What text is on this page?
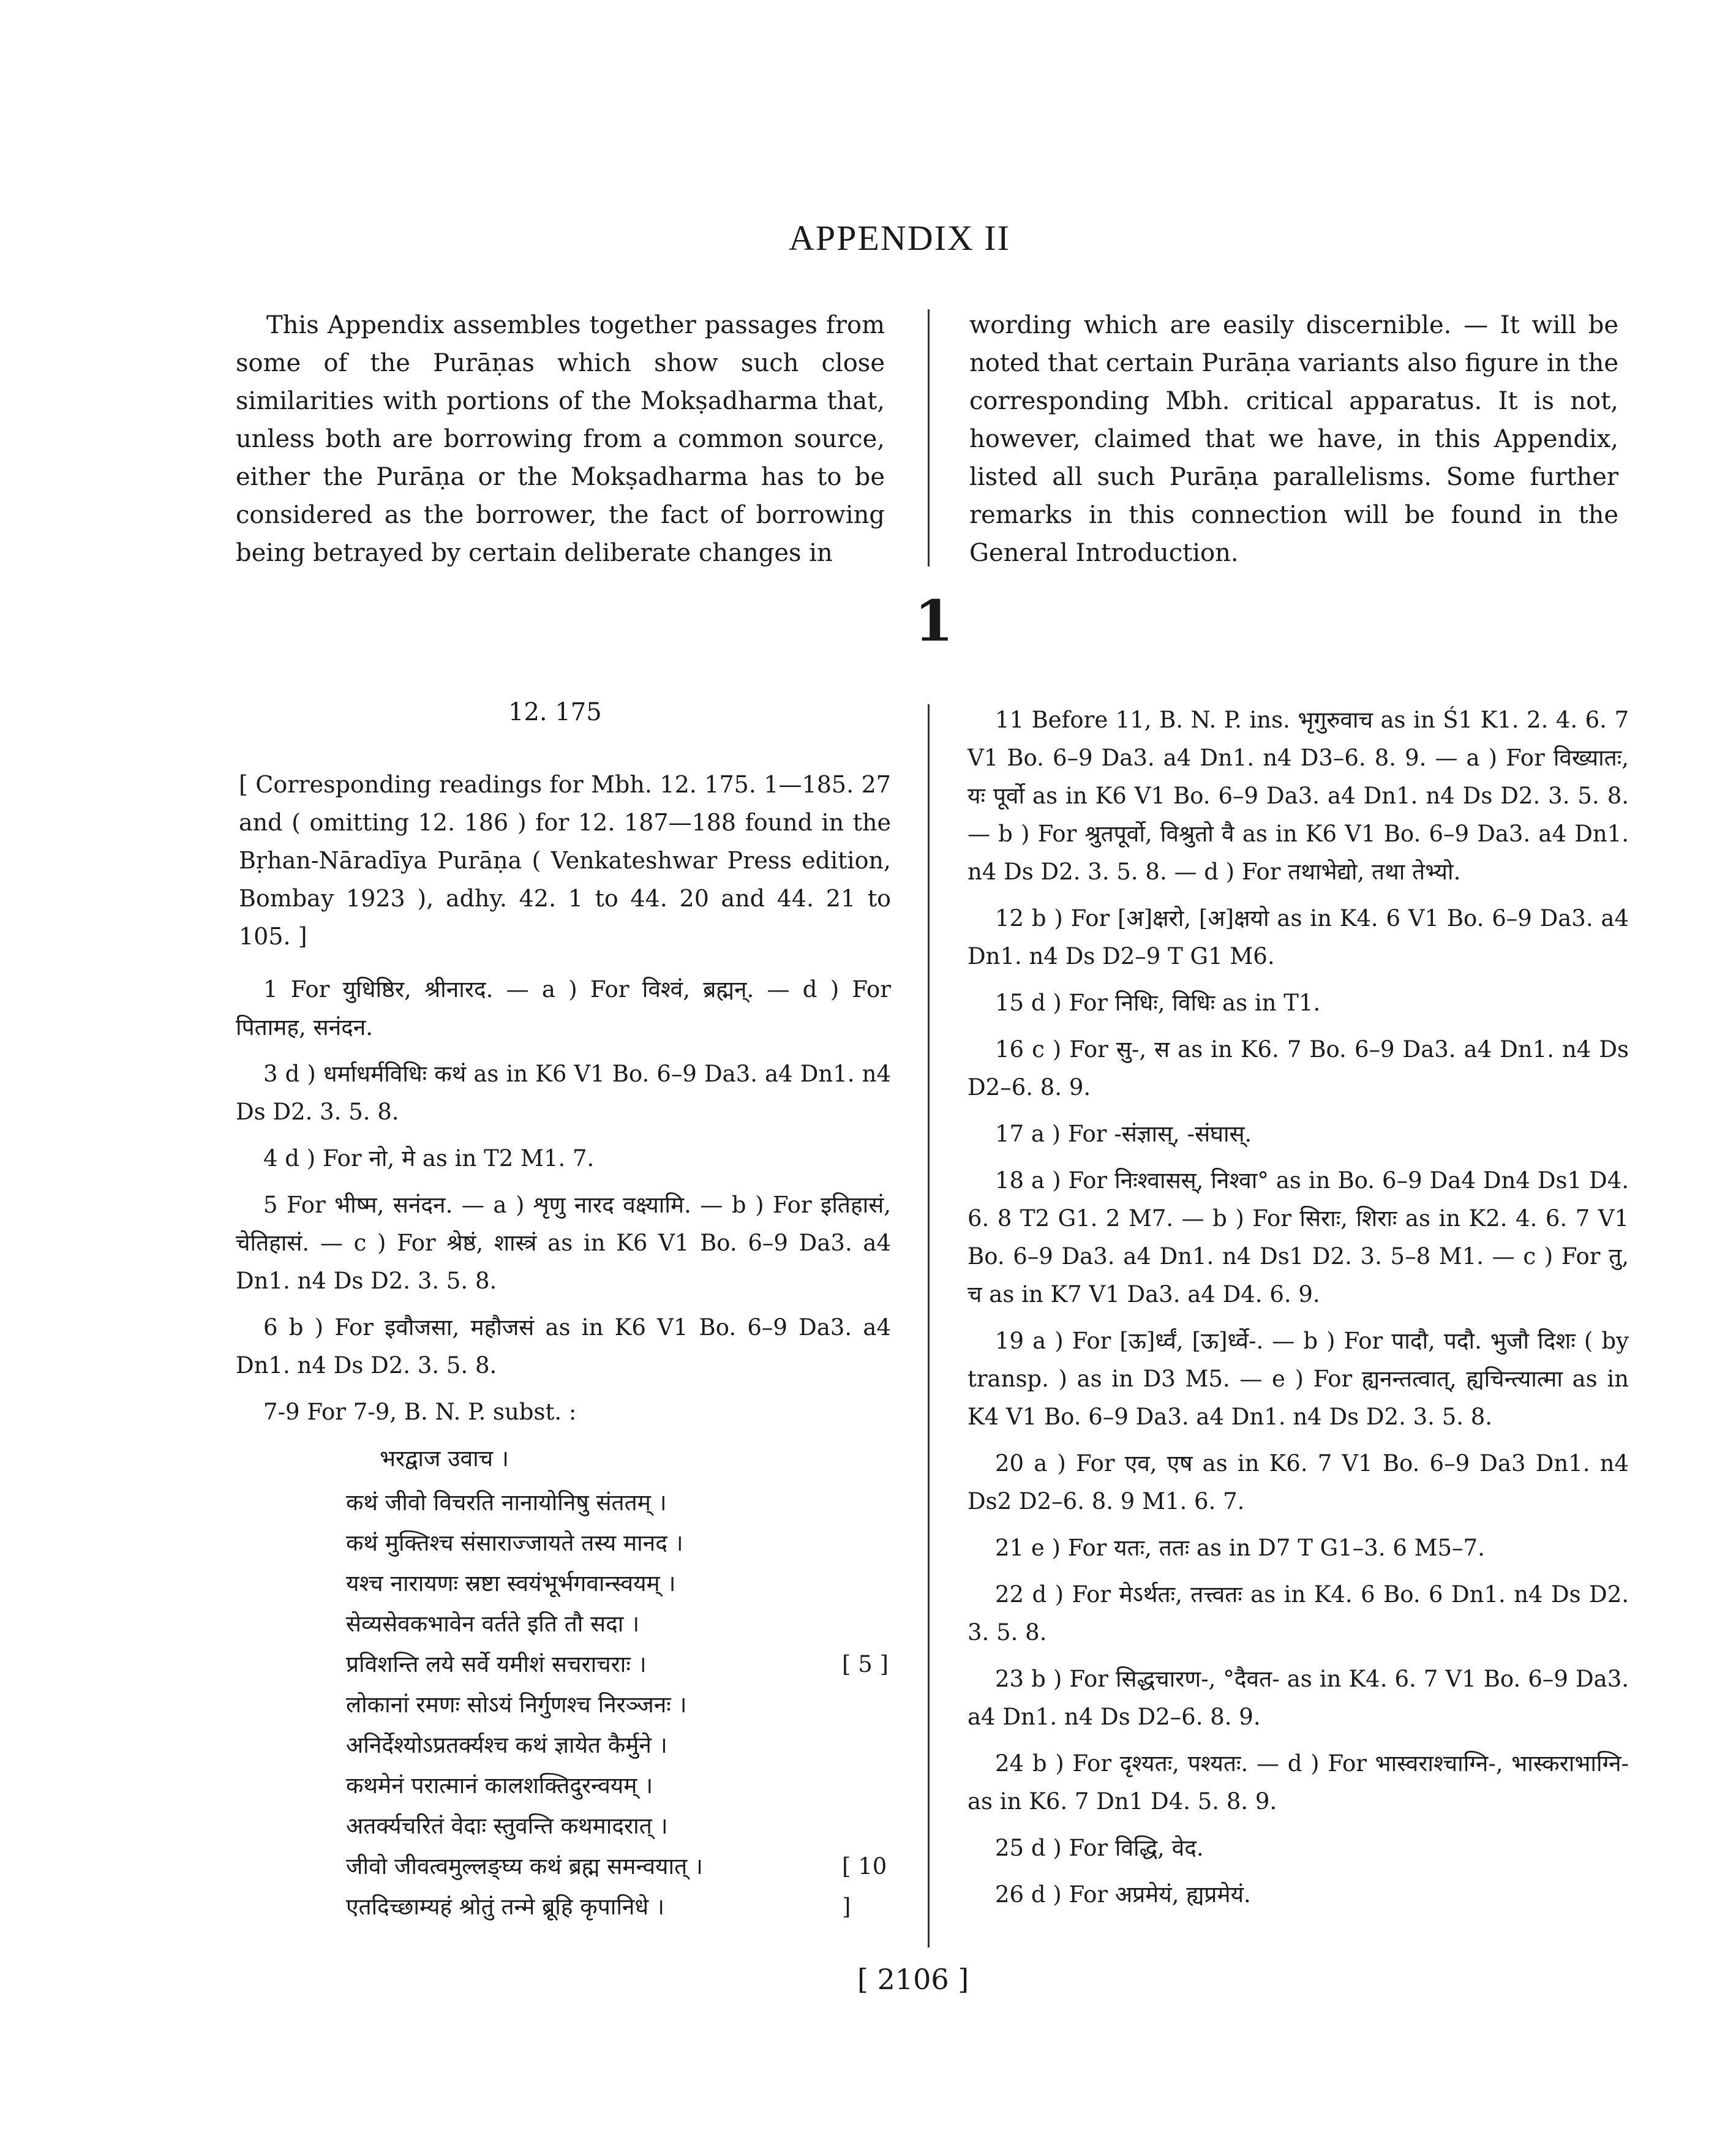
APPENDIX II

This Appendix assembles together passages from some of the Purāṇas which show such close similarities with portions of the Mokṣadharma that, unless both are borrowing from a common source, either the Purāṇa or the Mokṣadharma has to be considered as the borrower, the fact of borrowing being betrayed by certain deliberate changes in

wording which are easily discernible. — It will be noted that certain Purāṇa variants also figure in the corresponding Mbh. critical apparatus. It is not, however, claimed that we have, in this Appendix, listed all such Purāṇa parallelisms. Some further remarks in this connection will be found in the General Introduction.

1

12. 175

[ Corresponding readings for Mbh. 12. 175. 1—185. 27 and ( omitting 12. 186 ) for 12. 187—188 found in the Bṛhan-Nāradīya Purāṇa ( Venkateshwar Press edition, Bombay 1923 ), adhy. 42. 1 to 44. 20 and 44. 21 to 105. ]

1 For युधिष्ठिर, श्रीनारद. — a ) For विश्वं, ब्रह्मन्. — d ) For पितामह, सनंदन.

3 d ) धर्माधर्मविधिः कथं as in K6 V1 Bo. 6–9 Da3. a4 Dn1. n4 Ds D2. 3. 5. 8.

4 d ) For नो, मे as in T2 M1. 7.

5 For भीष्म, सनंदन. — a ) शृणु नारद वक्ष्यामि. — b ) For इतिहासं, चेतिहासं. — c ) For श्रेष्ठं, शास्त्रं as in K6 V1 Bo. 6–9 Da3. a4 Dn1. n4 Ds D2. 3. 5. 8.

6 b ) For इवौजसा, महौजसं as in K6 V1 Bo. 6–9 Da3. a4 Dn1. n4 Ds D2. 3. 5. 8.

7-9 For 7-9, B. N. P. subst. :

भरद्वाज उवाच ।

कथं जीवो विचरति नानायोनिषु संततम् ।

कथं मुक्तिश्च संसाराज्जायते तस्य मानद ।

यश्च नारायणः स्रष्टा स्वयंभूर्भगवान्स्वयम् ।

सेव्यसेवकभावेन वर्तते इति तौ सदा ।

प्रविशन्ति लये सर्वे यमीशं सचराचराः ।	[ 5 ]

लोकानां रमणः सोऽयं निर्गुणश्च निरञ्जनः ।

अनिर्देश्योऽप्रतर्क्यश्च कथं ज्ञायेत कैर्मुने ।

कथमेनं परात्मानं कालशक्तिदुरन्वयम् ।

अतर्क्यचरितं वेदाः स्तुवन्ति कथमादरात् ।

जीवो जीवत्वमुल्लङ्घ्य कथं ब्रह्म समन्वयात् ।	[ 10 ]

एतदिच्छाम्यहं श्रोतुं तन्मे ब्रूहि कृपानिधे ।

11 Before 11, B. N. P. ins. भृगुरुवाच as in Ś1 K1. 2. 4. 6. 7 V1 Bo. 6–9 Da3. a4 Dn1. n4 D3–6. 8. 9. — a ) For विख्यातः, यः पूर्वो as in K6 V1 Bo. 6–9 Da3. a4 Dn1. n4 Ds D2. 3. 5. 8. — b ) For श्रुतपूर्वो, विश्रुतो वै as in K6 V1 Bo. 6–9 Da3. a4 Dn1. n4 Ds D2. 3. 5. 8. — d ) For तथाभेद्यो, तथा तेभ्यो.

12 b ) For [अ]क्षरो, [अ]क्षयो as in K4. 6 V1 Bo. 6–9 Da3. a4 Dn1. n4 Ds D2–9 T G1 M6.

15 d ) For निधिः, विधिः as in T1.

16 c ) For सु-, स as in K6. 7 Bo. 6–9 Da3. a4 Dn1. n4 Ds D2–6. 8. 9.

17 a ) For -संज्ञास्, -संघास्.

18 a ) For निःश्वासस्, निश्वा° as in Bo. 6–9 Da4 Dn4 Ds1 D4. 6. 8 T2 G1. 2 M7. — b ) For सिराः, शिराः as in K2. 4. 6. 7 V1 Bo. 6–9 Da3. a4 Dn1. n4 Ds1 D2. 3. 5–8 M1. — c ) For तु, च as in K7 V1 Da3. a4 D4. 6. 9.

19 a ) For [ऊ]र्ध्वं, [ऊ]र्ध्वे-. — b ) For पादौ, पदौ. भुजौ दिशः ( by transp. ) as in D3 M5. — e ) For ह्यनन्तत्वात्, ह्यचिन्त्यात्मा as in K4 V1 Bo. 6–9 Da3. a4 Dn1. n4 Ds D2. 3. 5. 8.

20 a ) For एव, एष as in K6. 7 V1 Bo. 6–9 Da3 Dn1. n4 Ds2 D2–6. 8. 9 M1. 6. 7.

21 e ) For यतः, ततः as in D7 T G1–3. 6 M5–7.

22 d ) For मेऽर्थतः, तत्त्वतः as in K4. 6 Bo. 6 Dn1. n4 Ds D2. 3. 5. 8.

23 b ) For सिद्धचारण-, °दैवत- as in K4. 6. 7 V1 Bo. 6–9 Da3. a4 Dn1. n4 Ds D2–6. 8. 9.

24 b ) For दृश्यतः, पश्यतः. — d ) For भास्वराश्चाग्नि-, भास्कराभाग्नि- as in K6. 7 Dn1 D4. 5. 8. 9.

25 d ) For विद्धि, वेद.

26 d ) For अप्रमेयं, ह्यप्रमेयं.

[ 2106 ]
